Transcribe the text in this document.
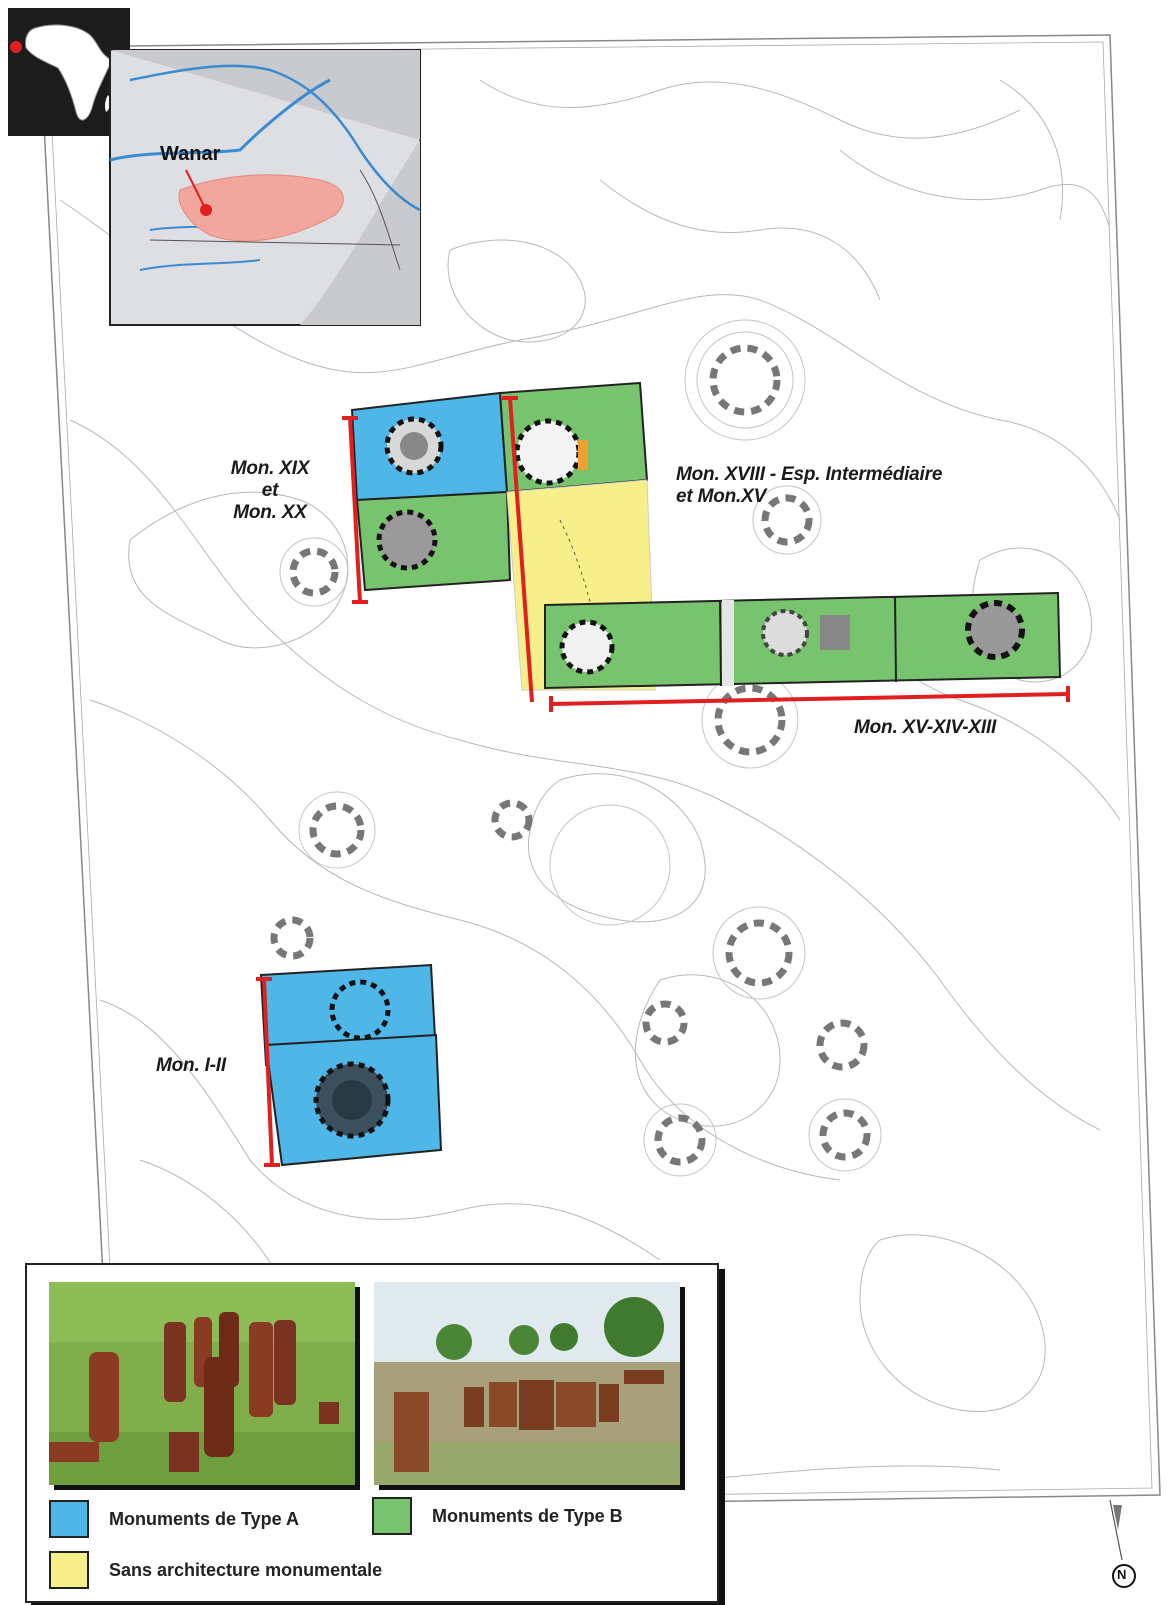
Mon. XIX
et
Mon. XX
Mon. XVIII - Esp. Intermédiaire
et Mon.XV
Mon. XV-XIV-XIII
Mon. I-II
Wanar
N
Monuments de Type A	Monuments de Type B
Sans architecture monumentale
